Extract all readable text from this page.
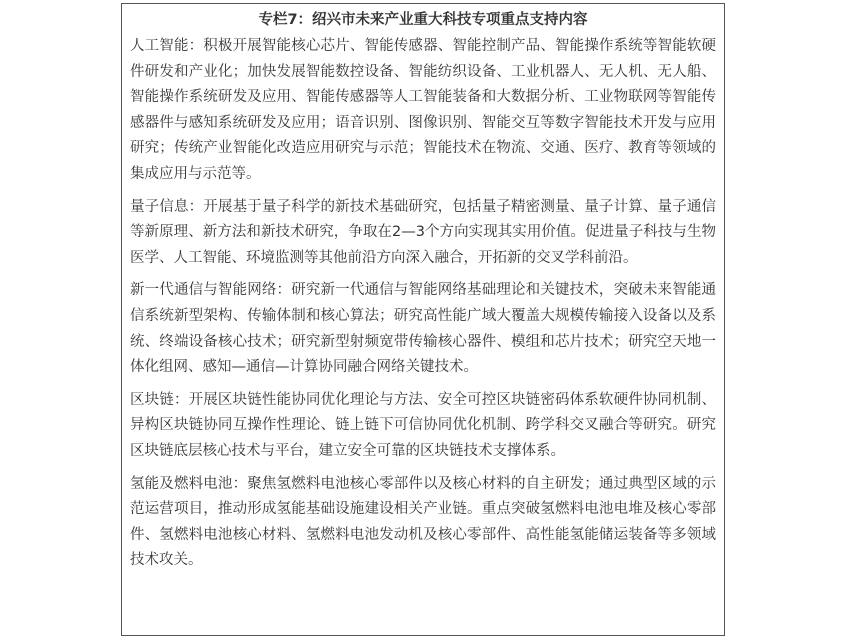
专栏7：绍兴市未来产业重大科技专项重点支持内容

人工智能 ： 积极开展智能核心芯片、智能传感器、智能控制产品、智能操作系统等智能软硬件研发和产业化；加快发展智能数控设备、智能纺织设备、工业机器人、无人机、无人船、智能操作系统研发及应用、智能传感器等人工智能装备和大数据分析、工业物联网等智能传感器件与感知系统研发及应用；语音识别、图像识别、智能交互等数字智能技术开发与应用研究；传统产业智能化改造应用研究与示范；智能技术在物流、交通、医疗、教育等领域的集成应用与示范等。

量子信息 ： 开展基于量子科学的新技术基础研究，包括量子精密测量、量子计算、量子通信等新原理、新方法和新技术研究，争取在2—3个方向实现其实用价值。促进量子科技与生物医学、人工智能、环境监测等其他前沿方向深入融合，开拓新的交叉学科前沿。

新一代通信与智能网络 ： 研究新一代通信与智能网络基础理论和关键技术，突破未来智能通信系统新型架构、传输体制和核心算法；研究高性能广域大覆盖大规模传输接入设备以及系统、终端设备核心技术；研究新型射频宽带传输核心器件、模组和芯片技术；研究空天地一体化组网、感知—通信—计算协同融合网络关键技术。

区块链 ： 开展区块链性能协同优化理论与方法、安全可控区块链密码体系软硬件协同机制、异构区块链协同互操作性理论、链上链下可信协同优化机制、跨学科交叉融合等研究。研究区块链底层核心技术与平台，建立安全可靠的区块链技术支撑体系。

氢能及燃料电池 ： 聚焦氢燃料电池核心零部件以及核心材料的自主研发；通过典型区域的示范运营项目，推动形成氢能基础设施建设相关产业链。重点突破氢燃料电池电堆及核心零部件、氢燃料电池核心材料、氢燃料电池发动机及核心零部件、高性能氢能储运装备等多领域技术攻关。
